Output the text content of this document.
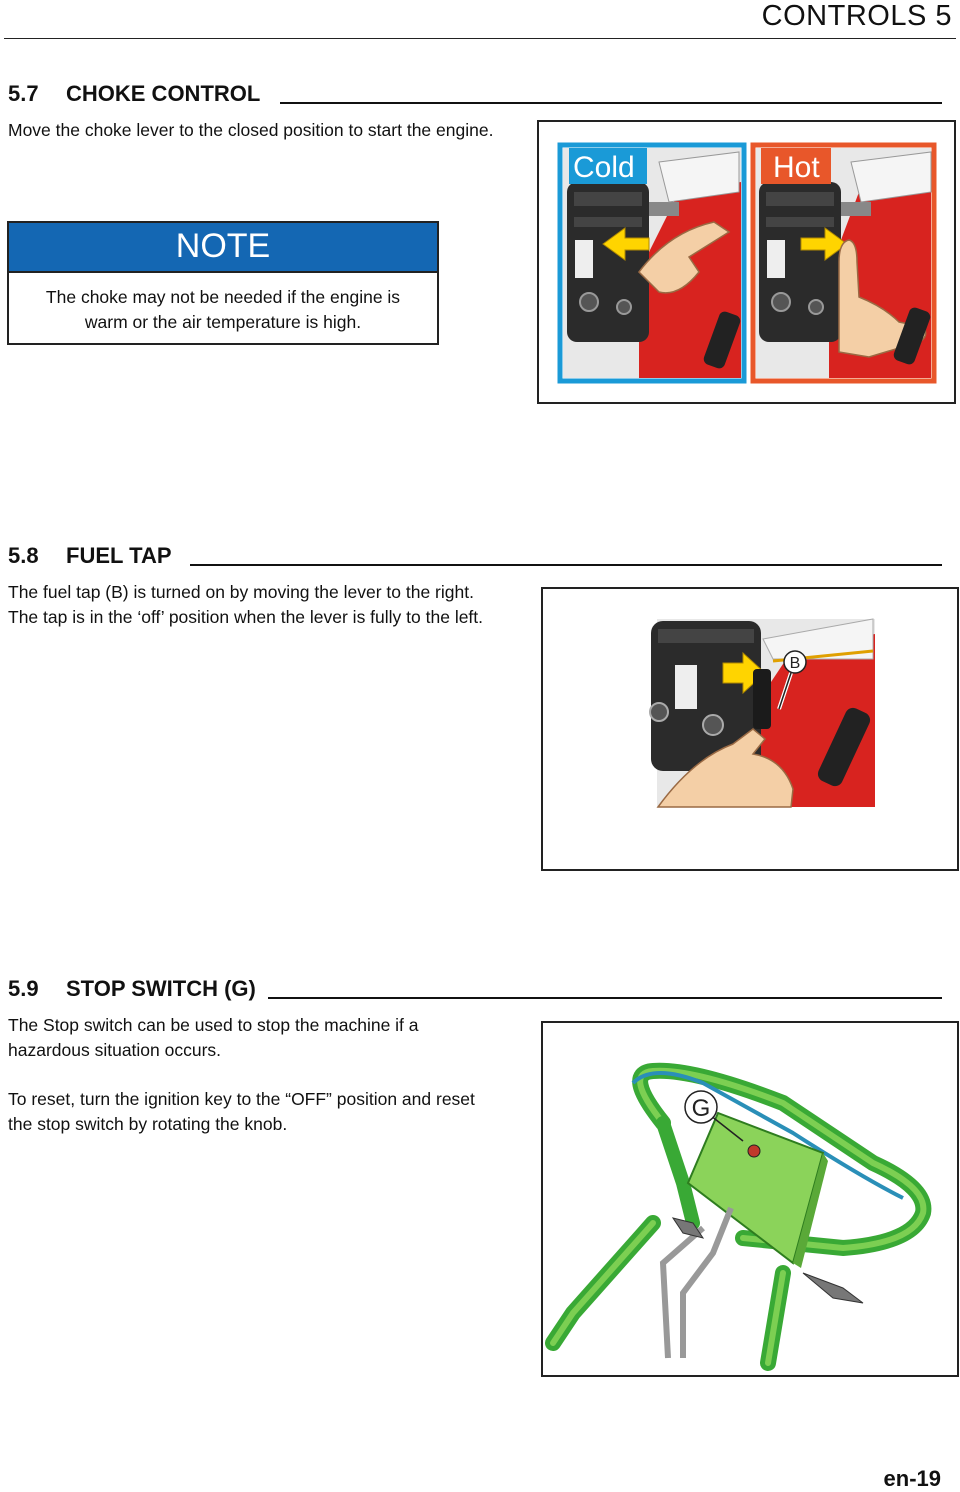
CONTROLS 5
5.7	CHOKE CONTROL
Move the choke lever to the closed position to start the engine.
NOTE
The choke may not be needed if the engine is
warm or the air temperature is high.
Cold	Hot
5.8	FUEL TAP
The fuel tap (B) is turned on by moving the lever to the right.
The tap is in the ‘off’ position when the lever is fully to the left.
B
5.9	STOP SWITCH (G)
The Stop switch can be used to stop the machine if a
hazardous situation occurs.
To reset, turn the ignition key to the “OFF” position and reset
the stop switch by rotating the knob.
G
en-19
